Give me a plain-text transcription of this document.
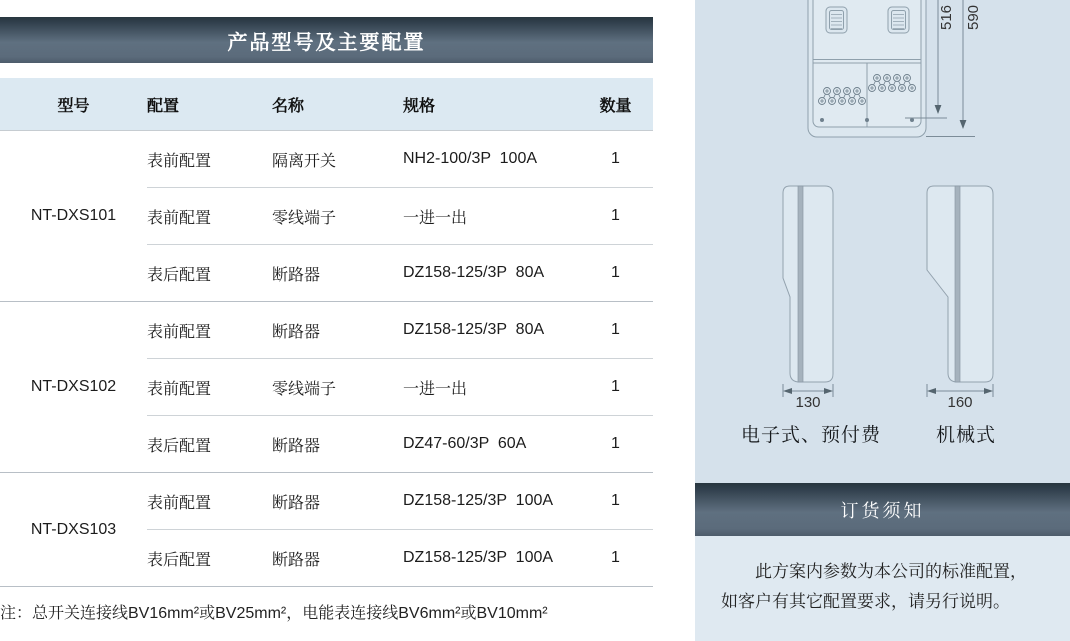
产品型号及主要配置
型号	配置	名称	规格	数量
NT-DXS101
表前配置	隔离开关	NH2-100/3P  100A	1
表前配置	零线端子	一进一出	1
表后配置	断路器	DZ158-125/3P  80A	1
NT-DXS102
表前配置	断路器	DZ158-125/3P  80A	1
表前配置	零线端子	一进一出	1
表后配置	断路器	DZ47-60/3P  60A	1
NT-DXS103
表前配置	断路器	DZ158-125/3P  100A	1
表后配置	断路器	DZ158-125/3P  100A	1

注：总开关连接线BV16mm²或BV25mm²，电能表连接线BV6mm²或BV10mm²

516 590
130	160
电子式、预付费	机械式
订货须知
此方案内参数为本公司的标准配置，
如客户有其它配置要求，请另行说明。
